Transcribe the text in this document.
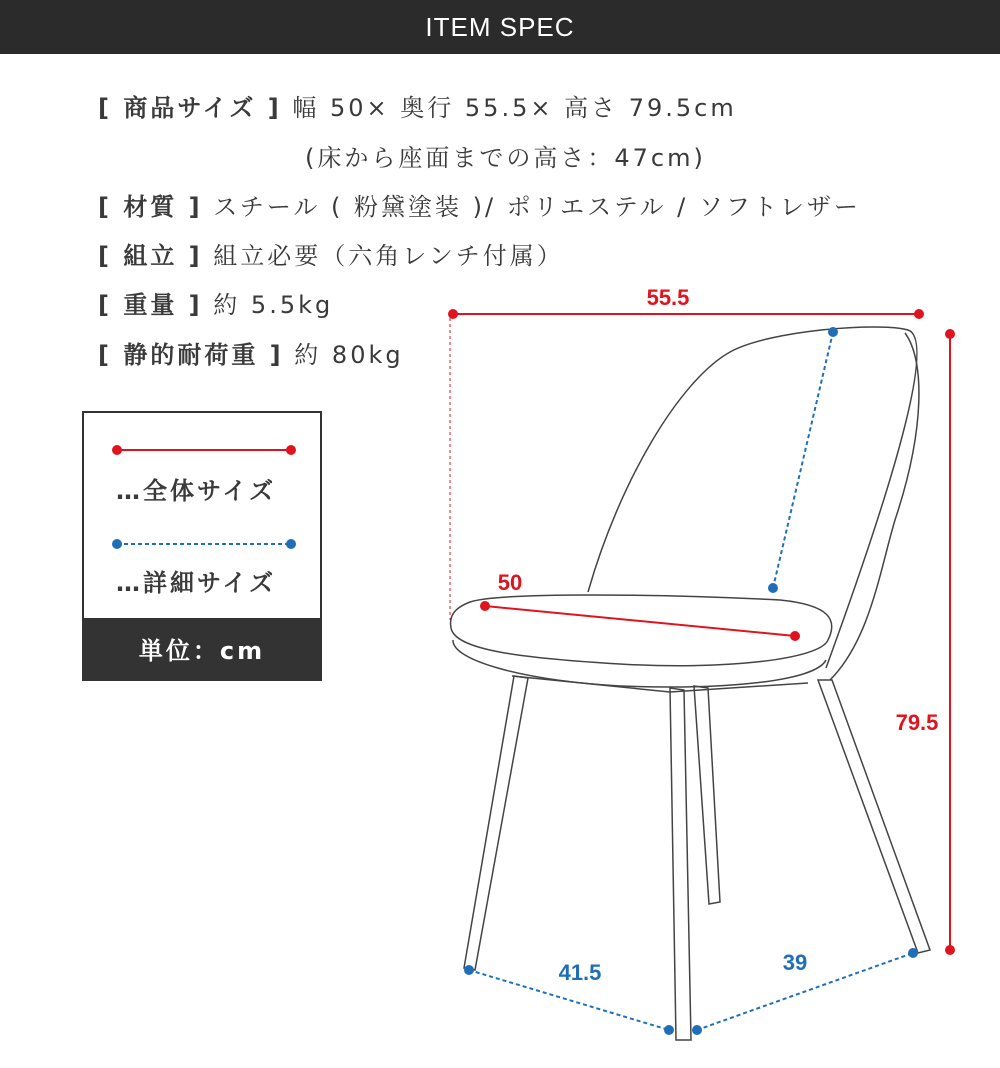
ITEM SPEC
[ 商品サイズ ] 幅 50× 奥行 55.5× 高さ 79.5cm
(床から座面までの高さ：47cm)
[ 材質 ] スチール ( 粉黛塗装 )/ ポリエステル / ソフトレザー
[ 組立 ] 組立必要（六角レンチ付属）
[ 重量 ] 約 5.5kg
[ 静的耐荷重 ] 約 80kg
…全体サイズ
…詳細サイズ
単位：cm
55.5
79.5
50
41.5	39
